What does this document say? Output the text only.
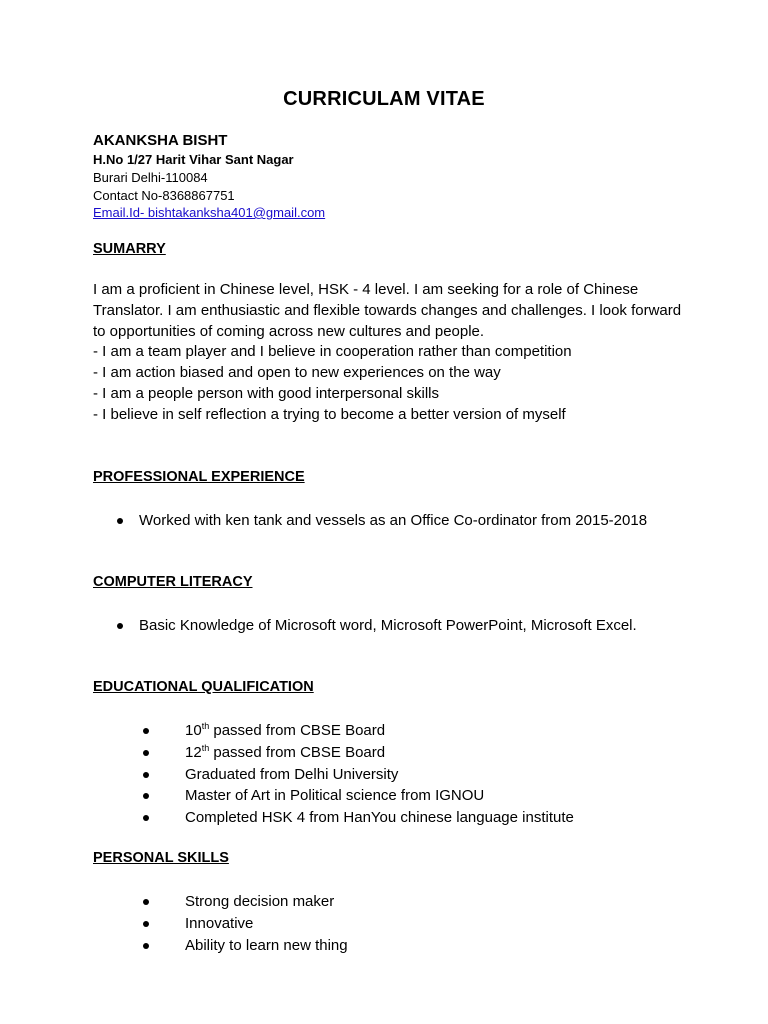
CURRICULAM VITAE
AKANKSHA BISHT
H.No 1/27 Harit Vihar Sant Nagar
Burari Delhi-110084
Contact No-8368867751
Email.Id- bishtakanksha401@gmail.com
SUMARRY

I am a proficient in Chinese level, HSK - 4 level. I am seeking for a role of Chinese Translator. I am enthusiastic and flexible towards changes and challenges. I look forward to opportunities of coming across new cultures and people.

- I am a team player and I believe in cooperation rather than competition

- I am action biased and open to new experiences on the way

- I am a people person with good interpersonal skills

- I believe in self reflection a trying to become a better version of myself

PROFESSIONAL EXPERIENCE
Worked with ken tank and vessels as an Office Co-ordinator from 2015-2018
COMPUTER LITERACY
Basic Knowledge of Microsoft word, Microsoft PowerPoint, Microsoft Excel.
EDUCATIONAL QUALIFICATION
10th passed from CBSE Board
12th passed from CBSE Board
Graduated from Delhi University
Master of Art in Political science from IGNOU
Completed HSK 4 from HanYou chinese language institute
PERSONAL SKILLS
Strong decision maker
Innovative
Ability to learn new thing
